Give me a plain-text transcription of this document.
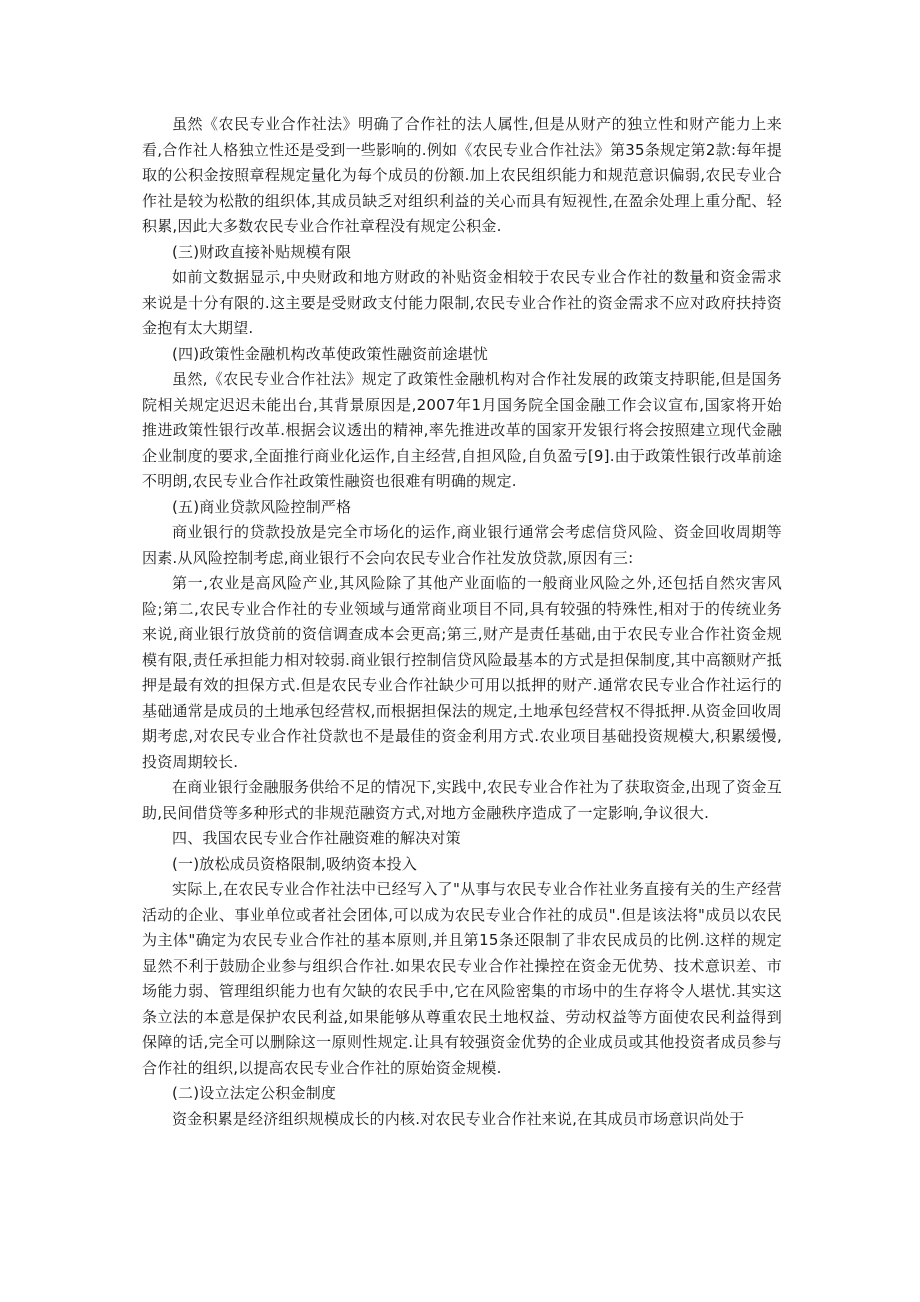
虽然《农民专业合作社法》明确了合作社的法人属性,但是从财产的独立性和财产能力上来看,合作社人格独立性还是受到一些影响的.例如《农民专业合作社法》第35条规定第2款:每年提取的公积金按照章程规定量化为每个成员的份额.加上农民组织能力和规范意识偏弱,农民专业合作社是较为松散的组织体,其成员缺乏对组织利益的关心而具有短视性,在盈余处理上重分配、轻积累,因此大多数农民专业合作社章程没有规定公积金.

(三)财政直接补贴规模有限

如前文数据显示,中央财政和地方财政的补贴资金相较于农民专业合作社的数量和资金需求来说是十分有限的.这主要是受财政支付能力限制,农民专业合作社的资金需求不应对政府扶持资金抱有太大期望.

(四)政策性金融机构改革使政策性融资前途堪忧

虽然,《农民专业合作社法》规定了政策性金融机构对合作社发展的政策支持职能,但是国务院相关规定迟迟未能出台,其背景原因是,2007年1月国务院全国金融工作会议宣布,国家将开始推进政策性银行改革.根据会议透出的精神,率先推进改革的国家开发银行将会按照建立现代金融企业制度的要求,全面推行商业化运作,自主经营,自担风险,自负盈亏[9].由于政策性银行改革前途不明朗,农民专业合作社政策性融资也很难有明确的规定.

(五)商业贷款风险控制严格

商业银行的贷款投放是完全市场化的运作,商业银行通常会考虑信贷风险、资金回收周期等因素.从风险控制考虑,商业银行不会向农民专业合作社发放贷款,原因有三:

第一,农业是高风险产业,其风险除了其他产业面临的一般商业风险之外,还包括自然灾害风险;第二,农民专业合作社的专业领域与通常商业项目不同,具有较强的特殊性,相对于的传统业务来说,商业银行放贷前的资信调查成本会更高;第三,财产是责任基础,由于农民专业合作社资金规模有限,责任承担能力相对较弱.商业银行控制信贷风险最基本的方式是担保制度,其中高额财产抵押是最有效的担保方式.但是农民专业合作社缺少可用以抵押的财产.通常农民专业合作社运行的基础通常是成员的土地承包经营权,而根据担保法的规定,土地承包经营权不得抵押.从资金回收周期考虑,对农民专业合作社贷款也不是最佳的资金利用方式.农业项目基础投资规模大,积累缓慢,投资周期较长.

在商业银行金融服务供给不足的情况下,实践中,农民专业合作社为了获取资金,出现了资金互助,民间借贷等多种形式的非规范融资方式,对地方金融秩序造成了一定影响,争议很大.

四、我国农民专业合作社融资难的解决对策

(一)放松成员资格限制,吸纳资本投入

实际上,在农民专业合作社法中已经写入了"从事与农民专业合作社业务直接有关的生产经营活动的企业、事业单位或者社会团体,可以成为农民专业合作社的成员".但是该法将"成员以农民为主体"确定为农民专业合作社的基本原则,并且第15条还限制了非农民成员的比例.这样的规定显然不利于鼓励企业参与组织合作社.如果农民专业合作社操控在资金无优势、技术意识差、市场能力弱、管理组织能力也有欠缺的农民手中,它在风险密集的市场中的生存将令人堪忧.其实这条立法的本意是保护农民利益,如果能够从尊重农民土地权益、劳动权益等方面使农民利益得到保障的话,完全可以删除这一原则性规定.让具有较强资金优势的企业成员或其他投资者成员参与合作社的组织,以提高农民专业合作社的原始资金规模.

(二)设立法定公积金制度

资金积累是经济组织规模成长的内核.对农民专业合作社来说,在其成员市场意识尚处于
